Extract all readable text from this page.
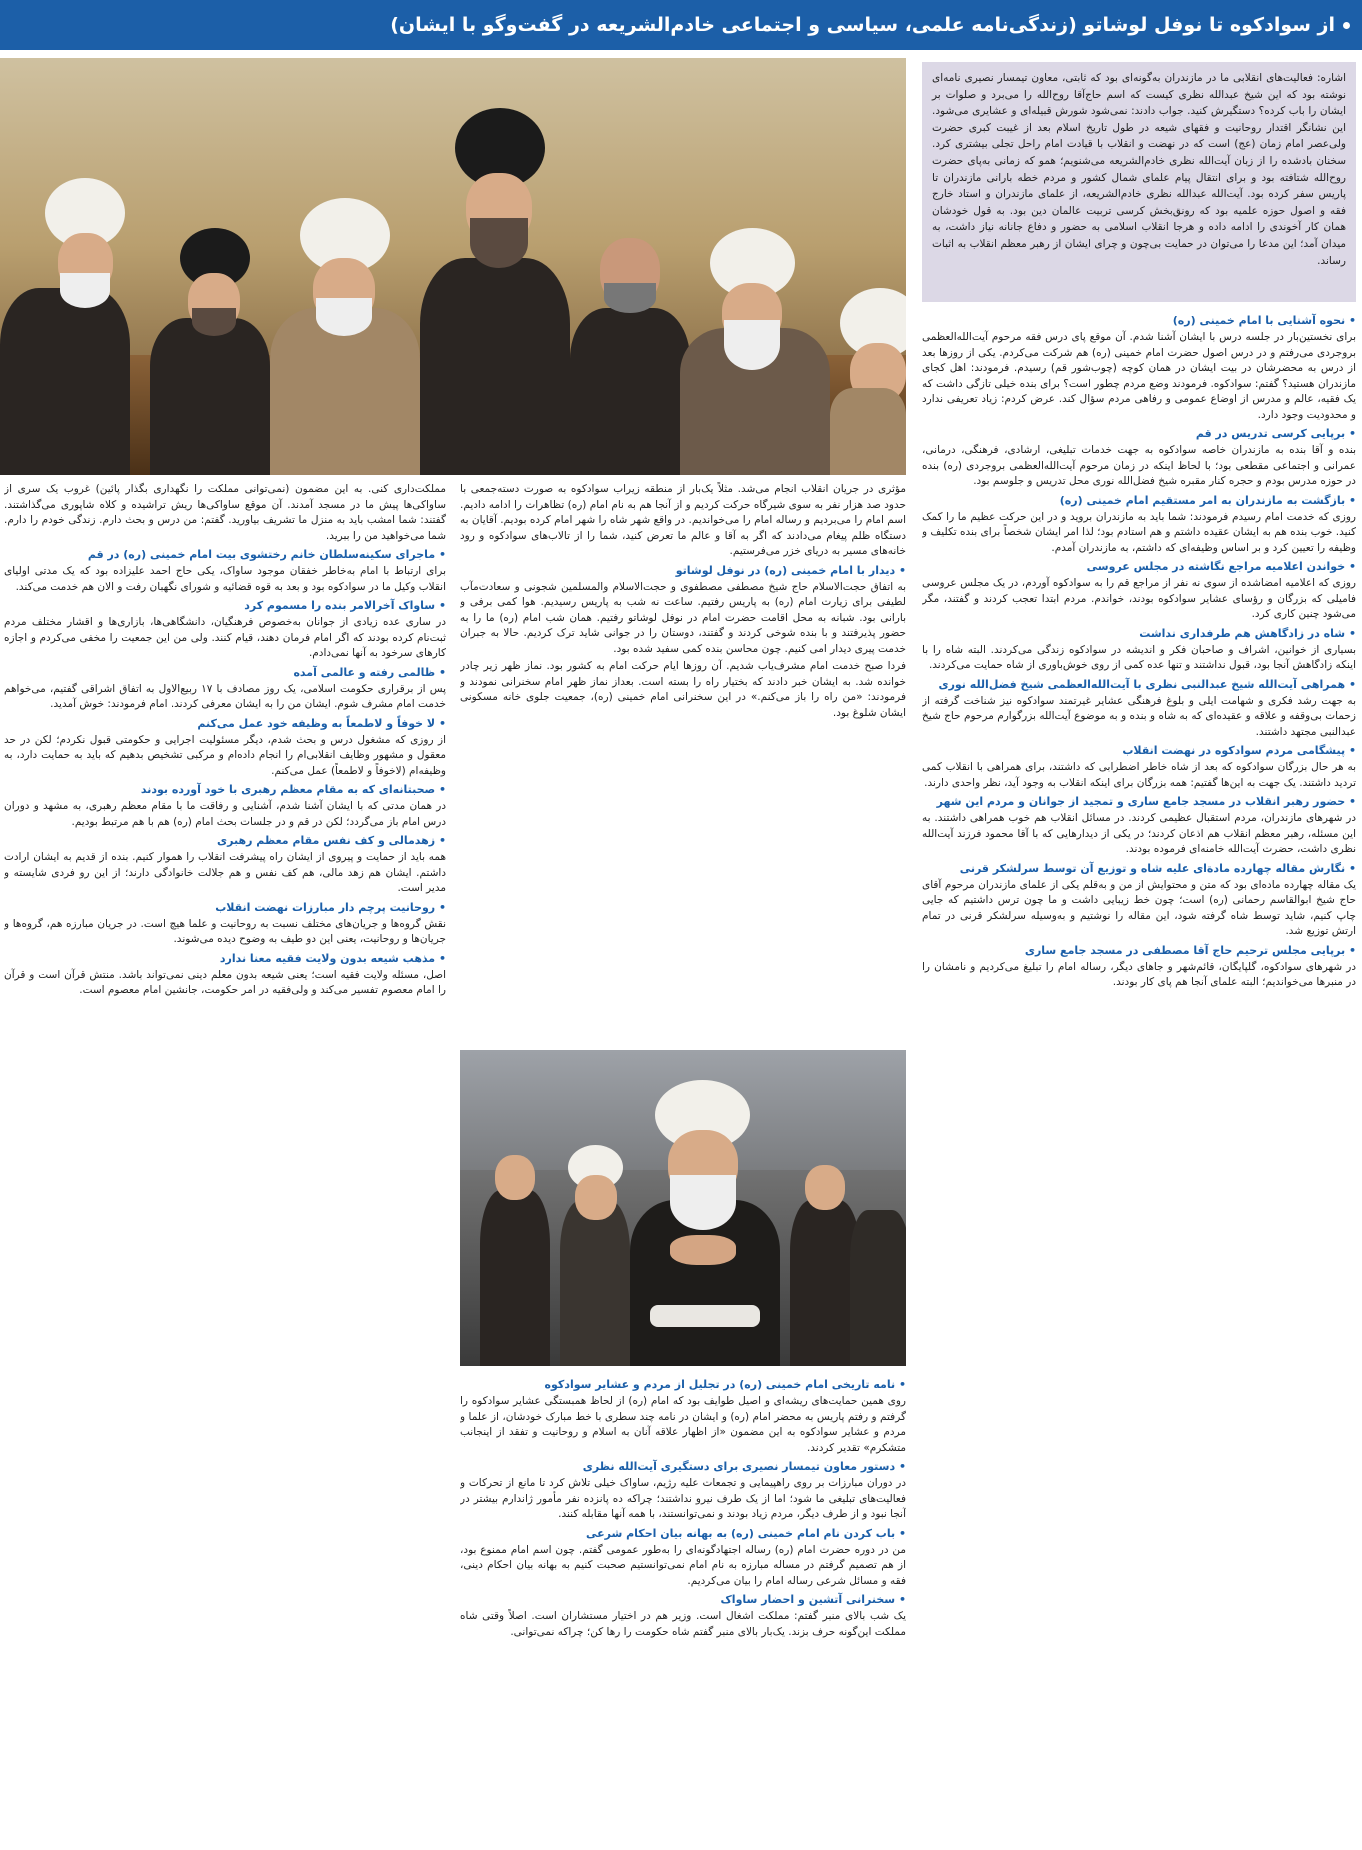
از سوادکوه تا نوفل لوشاتو (زندگی‌نامه علمی، سیاسی و اجتماعی خادم‌الشریعه در گفت‌وگو با ایشان)

اشاره: فعالیت‌های انقلابی ما در مازندران به‌گونه‌ای بود که ثابتی، معاون تیمسار نصیری نامه‌ای نوشته بود که این شیخ عبدالله نظری کیست که اسم حاج‌آقا روح‌الله را می‌برد و صلوات بر ایشان را باب کرده؟ دستگیرش کنید. جواب دادند: نمی‌شود شورش قبیله‌ای و عشایری می‌شود. این نشانگر اقتدار روحانیت و فقهای شیعه در طول تاریخ اسلام بعد از غیبت کبری حضرت ولی‌عصر امام زمان (عج) است که در نهضت و انقلاب با قیادت امام راحل تجلی بیشتری کرد. سخنان بادشده را از زبان آیت‌الله نظری خادم‌الشریعه می‌شنویم؛ همو که زمانی به‌پای حضرت روح‌الله شتافته بود و برای انتقال پیام علمای شمال کشور و مردم خطه بارانی مازندران تا پاریس سفر کرده بود. آیت‌الله عبدالله نظری خادم‌الشریعه، از علمای مازندران و استاد خارج فقه و اصول حوزه علمیه بود که رونق‌بخش کرسی تربیت عالمان دین بود. به قول خودشان همان کار آخوندی را ادامه داده و هرجا انقلاب اسلامی به حضور و دفاع جانانه نیاز داشت، به میدان آمد؛ این مدعا را می‌توان در حمایت بی‌چون و چرای ایشان از رهبر معظم انقلاب به اثبات رساند.

• نحوه آشنایی با امام خمینی (ره)

برای نخستین‌بار در جلسه درس با ایشان آشنا شدم. آن موقع پای درس فقه مرحوم آیت‌الله‌العظمی بروجردی می‌رفتم و در درس اصول حضرت امام خمینی (ره) هم شرکت می‌کردم. یکی از روزها بعد از درس به محضرشان در بیت ایشان در همان کوچه (چوب‌شور قم) رسیدم. فرمودند: اهل کجای مازندران هستید؟ گفتم: سوادکوه. فرمودند وضع مردم چطور است؟ برای بنده خیلی تازگی داشت که یک فقیه، عالم و مدرس از اوضاع عمومی و رفاهی مردم سؤال کند. عرض کردم: زیاد تعریفی ندارد و محدودیت وجود دارد.

• برپایی کرسی تدریس در قم

بنده و آقا بنده به مازندران خاصه سوادکوه به جهت خدمات تبلیغی، ارشادی، فرهنگی، درمانی، عمرانی و اجتماعی مقطعی بود؛ با لحاظ اینکه در زمان مرحوم آیت‌الله‌العظمی بروجردی (ره) بنده در حوزه مدرس بودم و حجره کنار مقبره شیخ فضل‌الله نوری محل تدریس و جلوسم بود.

• بازگشت به مازندران به امر مستقیم امام خمینی (ره)

روزی که خدمت امام رسیدم فرمودند: شما باید به مازندران بروید و در این حرکت عظیم ما را کمک کنید. خوب بنده هم به ایشان عقیده داشتم و هم استادم بود؛ لذا امر ایشان شخصاً برای بنده تکلیف و وظیفه را تعیین کرد و بر اساس وظیفه‌ای که داشتم، به مازندران آمدم.

• خواندن اعلامیه مراجع نگاشته در مجلس عروسی

روزی که اعلامیه امضاشده از سوی نه نفر از مراجع قم را به سوادکوه آوردم، در یک مجلس عروسی فامیلی که بزرگان و رؤسای عشایر سوادکوه بودند، خواندم. مردم ابتدا تعجب کردند و گفتند، مگر می‌شود چنین کاری کرد.

• شاه در زادگاهش هم طرفداری نداشت

بسیاری از خوانین، اشراف و صاحبان فکر و اندیشه در سوادکوه زندگی می‌کردند. البته شاه را با اینکه زادگاهش آنجا بود، قبول نداشتند و تنها عده کمی از روی خوش‌باوری از شاه حمایت می‌کردند.

• همراهی آیت‌الله شیخ عبدالنبی نظری با آیت‌الله‌العظمی شیخ فضل‌الله نوری

به جهت رشد فکری و شهامت ایلی و بلوغ فرهنگی عشایر غیرتمند سوادکوه نیز شناخت گرفته از زحمات بی‌وقفه و علاقه و عقیده‌ای که به شاه و بنده و به موضوع آیت‌الله بزرگوارم مرحوم حاج شیخ عبدالنبی مجتهد داشتند.

• پیشگامی مردم سوادکوه در نهضت انقلاب

به هر حال بزرگان سوادکوه که بعد از شاه خاطر اضطرابی که داشتند، برای همراهی با انقلاب کمی تردید داشتند. یک جهت به این‌ها گفتیم: همه بزرگان برای اینکه انقلاب به وجود آید، نظر واحدی دارند.

• حضور رهبر انقلاب در مسجد جامع ساری و تمجید از جوانان و مردم این شهر

در شهرهای مازندران، مردم استقبال عظیمی کردند. در مسائل انقلاب هم خوب همراهی داشتند. به این مسئله، رهبر معظم انقلاب هم اذعان کردند؛ در یکی از دیدارهایی که با آقا محمود فرزند آیت‌الله نظری داشت، حضرت آیت‌الله خامنه‌ای فرموده بودند.

• نگارش مقاله چهارده مادة‌ای علیه شاه و توزیع آن توسط سرلشکر قرنی

یک مقاله چهارده ماده‌ای بود که متن و محتوایش از من و به‌قلم یکی از علمای مازندران مرحوم آقای حاج شیخ ابوالقاسم رحمانی (ره) است؛ چون خط زیبایی داشت و ما چون ترس داشتیم که جایی چاپ کنیم، شاید توسط شاه گرفته شود، این مقاله را نوشتیم و به‌وسیله سرلشکر قرنی در تمام ارتش توزیع شد.

• برپایی مجلس ترحیم حاج آقا مصطفی در مسجد جامع ساری

در شهرهای سوادکوه، گلپایگان، قائم‌شهر و جاهای دیگر، رساله امام را تبلیغ می‌کردیم و نامشان را در منبرها می‌خواندیم؛ البته علمای آنجا هم پای کار بودند.

مؤثری در جریان انقلاب انجام می‌شد. مثلاً یک‌بار از منطقه زیراب سوادکوه به صورت دسته‌جمعی با حدود صد هزار نفر به سوی شیرگاه حرکت کردیم و از آنجا هم به نام امام (ره) تظاهرات را ادامه دادیم. اسم امام را می‌بردیم و رساله امام را می‌خواندیم. در واقع شهر شاه را شهر امام کرده بودیم. آقایان به دستگاه ظلم پیغام می‌دادند که اگر به آقا و عالم ما تعرض کنید، شما را از تالاب‌های سوادکوه و رود خانه‌های مسیر به دریای خزر می‌فرستیم.

• دیدار با امام خمینی (ره) در نوفل لوشاتو

به اتفاق حجت‌الاسلام حاج شیخ مصطفی مصطفوی و حجت‌الاسلام والمسلمین شجونی و سعادت‌مآب لطیفی برای زیارت امام (ره) به پاریس رفتیم. ساعت نه شب به پاریس رسیدیم. هوا کمی برفی و بارانی بود. شبانه به محل اقامت حضرت امام در نوفل لوشاتو رفتیم. همان شب امام (ره) ما را به حضور پذیرفتند و با بنده شوخی کردند و گفتند، دوستان را در جوانی شاید ترک کردیم. حالا به جبران خدمت پیری دیدار امی کنیم. چون محاسن بنده کمی سفید شده بود.

فردا صبح خدمت امام مشرف‌یاب شدیم. آن روزها ایام حرکت امام به کشور بود. نماز ظهر زیر چادر خوانده شد. به ایشان خبر دادند که بختیار راه را بسته است. بعداز نماز ظهر امام سخنرانی نمودند و فرمودند: «من راه را باز می‌کنم.» در این سخنرانی امام خمینی (ره)، جمعیت جلوی خانه مسکونی ایشان شلوغ بود.

• نامه تاریخی امام خمینی (ره) در تجلیل از مردم و عشایر سوادکوه

روی همین حمایت‌های ریشه‌ای و اصیل طوایف بود که امام (ره) از لحاظ همبستگی عشایر سوادکوه را گرفتم و رفتم پاریس به محضر امام (ره) و ایشان در نامه چند سطری با خط مبارک خودشان، از علما و مردم و عشایر سوادکوه به این مضمون «از اظهار علاقه آنان به اسلام و روحانیت و تفقد از اینجانب متشکرم» تقدیر کردند.

• دستور معاون تیمسار نصیری برای دستگیری آیت‌الله نظری

در دوران مبارزات بر روی راهپیمایی و تجمعات علیه رژیم، ساواک خیلی تلاش کرد تا مانع از تحرکات و فعالیت‌های تبلیغی ما شود؛ اما از یک طرف نیرو نداشتند؛ چراکه ده پانزده نفر مأمور ژاندارم بیشتر در آنجا نبود و از طرف دیگر، مردم زیاد بودند و نمی‌توانستند، با همه آنها مقابله کنند.

• باب کردن نام امام خمینی (ره) به بهانه بیان احکام شرعی

من در دوره حضرت امام (ره) رساله اجتهاد‌گونه‌ای را به‌طور عمومی گفتم. چون اسم امام ممنوع بود، از هم تصمیم گرفتم در مساله مبارزه به نام امام نمی‌توانستیم صحبت کنیم به بهانه بیان احکام دینی، فقه و مسائل شرعی رساله امام را بیان می‌کردیم.

• سخنرانی آتشین و احضار ساواک

یک شب بالای منبر گفتم: مملکت اشغال است. وزیر هم در اختیار مستشاران است. اصلاً وقتی شاه مملکت این‌گونه حرف بزند. یک‌بار بالای منبر گفتم شاه حکومت را رها کن؛ چراکه نمی‌توانی.

مملکت‌داری کنی. به این مضمون (نمی‌توانی مملکت را نگهداری بگذار پائین) غروب یک سری از ساواکی‌ها پیش ما در مسجد آمدند. آن موقع ساواکی‌ها ریش تراشیده و کلاه شاپوری می‌گذاشتند. گفتند: شما امشب باید به منزل ما تشریف بیاورید. گفتم: من درس و بحث دارم. زندگی خودم را دارم. شما می‌خواهید من را ببرید.

• ماجرای سکینه‌سلطان خانم رختشوی بیت امام خمینی (ره) در قم

برای ارتباط با امام به‌خاطر خفقان موجود ساواک، یکی حاج احمد علیزاده بود که یک مدتی اولیای انقلاب وکیل ما در سوادکوه بود و بعد به قوه قضائیه و شورای نگهبان رفت و الان هم خدمت می‌کند.

• ساواک آخرالامر بنده را مسموم کرد

در ساری عده زیادی از جوانان به‌خصوص فرهنگیان، دانشگاهی‌ها، بازاری‌ها و اقشار مختلف مردم ثبت‌نام کرده بودند که اگر امام فرمان دهند، قیام کنند. ولی من این جمعیت را مخفی می‌کردم و اجازه کارهای سرخود به آنها نمی‌دادم.

• ظالمی رفته و عالمی آمده

پس از برقراری حکومت اسلامی، یک روز مصادف با ۱۷ ربیع‌الاول به اتفاق اشراقی گفتیم، می‌خواهم خدمت امام مشرف شوم. ایشان من را به ایشان معرفی کردند. امام فرمودند: خوش آمدید.

• لا خوفاً و لاطمعاً به وظیفه خود عمل می‌کنم

از روزی که مشغول درس و بحث شدم، دیگر مسئولیت اجرایی و حکومتی قبول نکردم؛ لکن در حد معقول و مشهور وظایف انقلابی‌ام را انجام داده‌ام و مرکبی تشخیص بدهیم که باید به حمایت دارد، به وظیفه‌ام (لاخوفاً و لاطمعاً) عمل می‌کنم.

• صحبتانه‌ای که به مقام معظم رهبری با خود آورده بودند

در همان مدتی که با ایشان آشنا شدم، آشنایی و رفاقت ما با مقام معظم رهبری، به مشهد و دوران درس امام باز می‌گردد؛ لکن در قم و در جلسات بحث امام (ره) هم با هم مرتبط بودیم.

• زهدمالی و کف نفس مقام معظم رهبری

همه باید از حمایت و پیروی از ایشان راه پیشرفت انقلاب را هموار کنیم. بنده از قدیم به ایشان ارادت داشتم. ایشان هم زهد مالی، هم کف نفس و هم جلالت خانوادگی دارند؛ از این رو فردی شایسته و مدیر است.

• روحانیت پرچم دار مبارزات نهضت انقلاب

نقش گروه‌ها و جریان‌های مختلف نسبت به روحانیت و علما هیچ است. در جریان مبارزه هم، گروه‌ها و جریان‌ها و روحانیت، یعنی این دو طیف به وضوح دیده می‌شوند.

• مذهب شیعه بدون ولایت فقیه معنا ندارد

اصل، مسئله ولایت فقیه است؛ یعنی شیعه بدون معلم دینی نمی‌تواند باشد. منتش قرآن است و قرآن را امام معصوم تفسیر می‌کند و ولی‌فقیه در امر حکومت، جانشین امام معصوم است.
